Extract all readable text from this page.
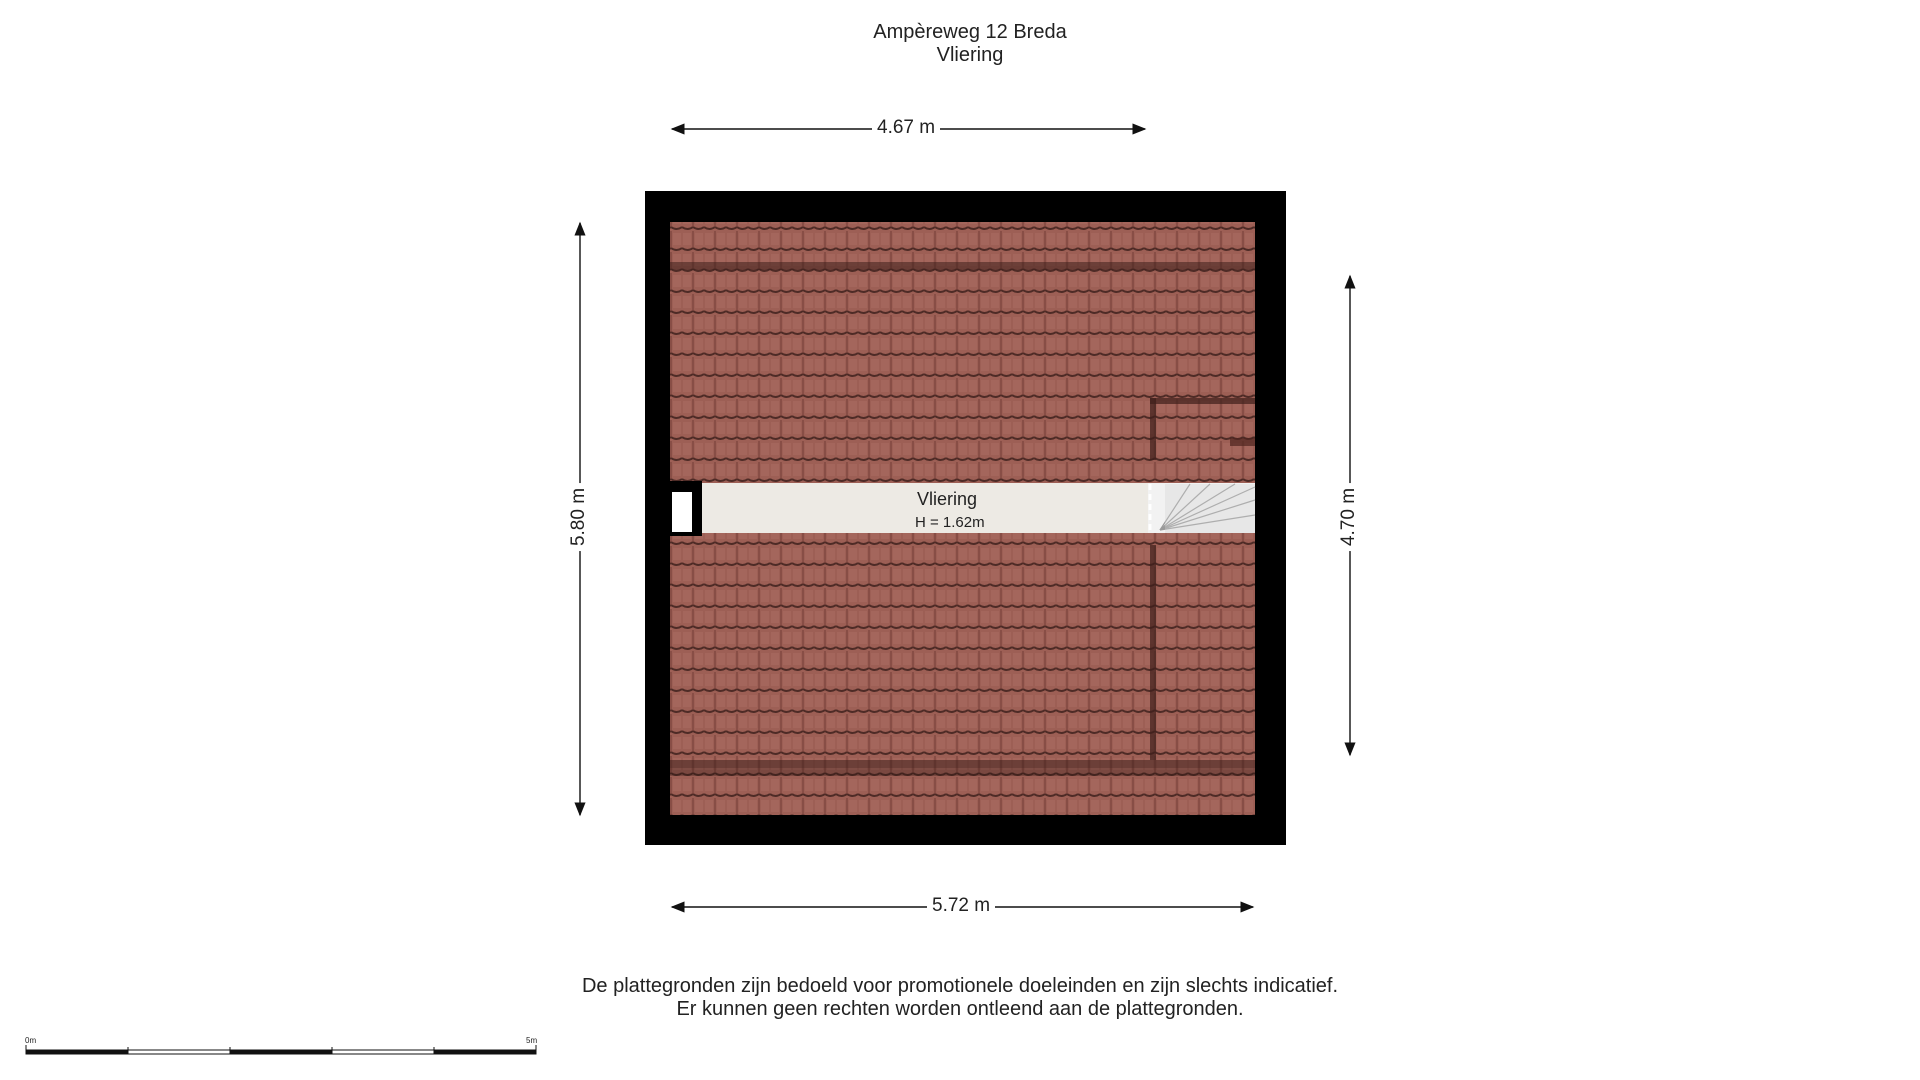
Ampèreweg 12 Breda
Vliering
4.67 m
5.72 m
5.80 m	4.70 m
Vliering
H = 1.62m
De plattegronden zijn bedoeld voor promotionele doeleinden en zijn slechts indicatief.
Er kunnen geen rechten worden ontleend aan de plattegronden.
0m	5m
